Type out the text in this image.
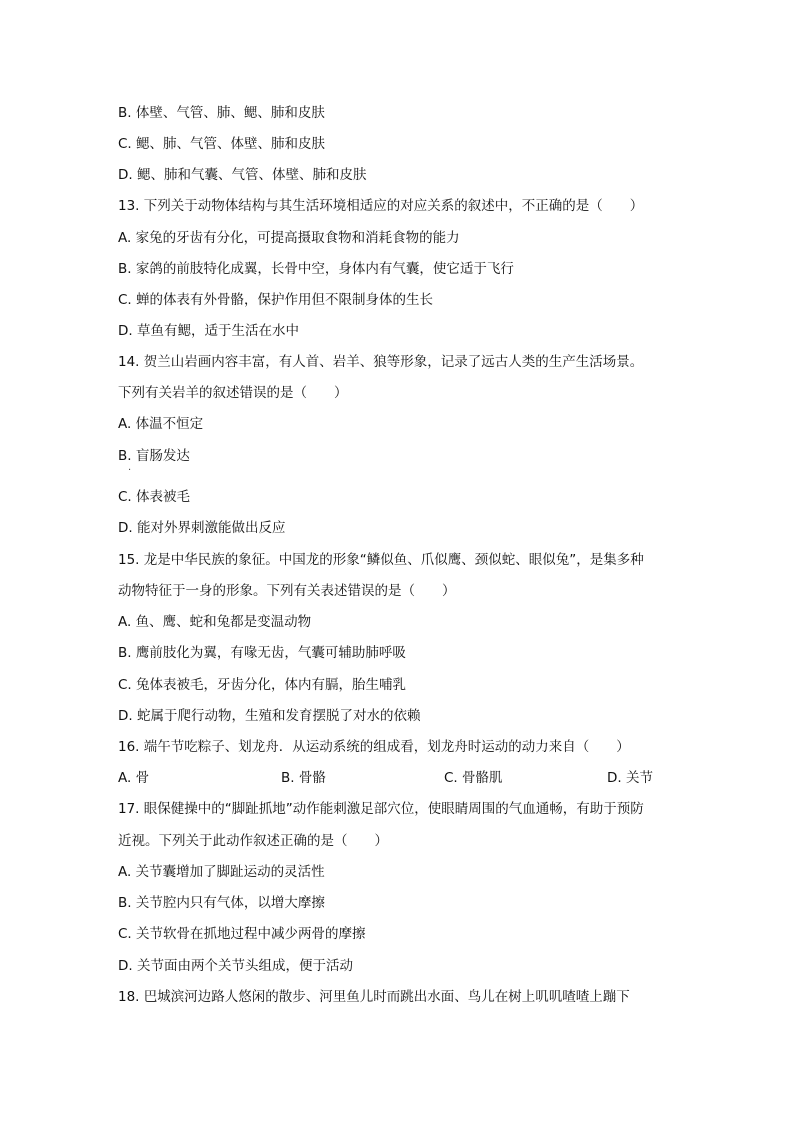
B. 体壁、气管、肺、鳃、肺和皮肤
C. 鳃、肺、气管、体壁、肺和皮肤
D. 鳃、肺和气囊、气管、体壁、肺和皮肤
13. 下列关于动物体结构与其生活环境相适应的对应关系的叙述中，不正确的是（　　）
A. 家兔的牙齿有分化，可提高摄取食物和消耗食物的能力
B. 家鸽的前肢特化成翼，长骨中空，身体内有气囊，使它适于飞行
C. 蝉的体表有外骨骼，保护作用但不限制身体的生长
D. 草鱼有鳃，适于生活在水中
14. 贺兰山岩画内容丰富，有人首、岩羊、狼等形象，记录了远古人类的生产生活场景。
下列有关岩羊的叙述错误的是（　　）
A. 体温不恒定
B. 盲肠发达
·
C. 体表被毛
D. 能对外界刺激能做出反应
15. 龙是中华民族的象征。中国龙的形象“鳞似鱼、爪似鹰、颈似蛇、眼似兔”，是集多种
动物特征于一身的形象。下列有关表述错误的是（　　）
A. 鱼、鹰、蛇和兔都是变温动物
B. 鹰前肢化为翼，有喙无齿，气囊可辅助肺呼吸
C. 兔体表被毛，牙齿分化，体内有膈，胎生哺乳
D. 蛇属于爬行动物，生殖和发育摆脱了对水的依赖
16. 端午节吃粽子、划龙舟．从运动系统的组成看，划龙舟时运动的动力来自（　　）
A. 骨	B. 骨骼	C. 骨骼肌	D. 关节
17. 眼保健操中的“脚趾抓地”动作能刺激足部穴位，使眼睛周围的气血通畅，有助于预防
近视。下列关于此动作叙述正确的是（　　）
A. 关节囊增加了脚趾运动的灵活性
B. 关节腔内只有气体，以增大摩擦
C. 关节软骨在抓地过程中减少两骨的摩擦
D. 关节面由两个关节头组成，便于活动
18. 巴城滨河边路人悠闲的散步、河里鱼儿时而跳出水面、鸟儿在树上叽叽喳喳上蹦下
